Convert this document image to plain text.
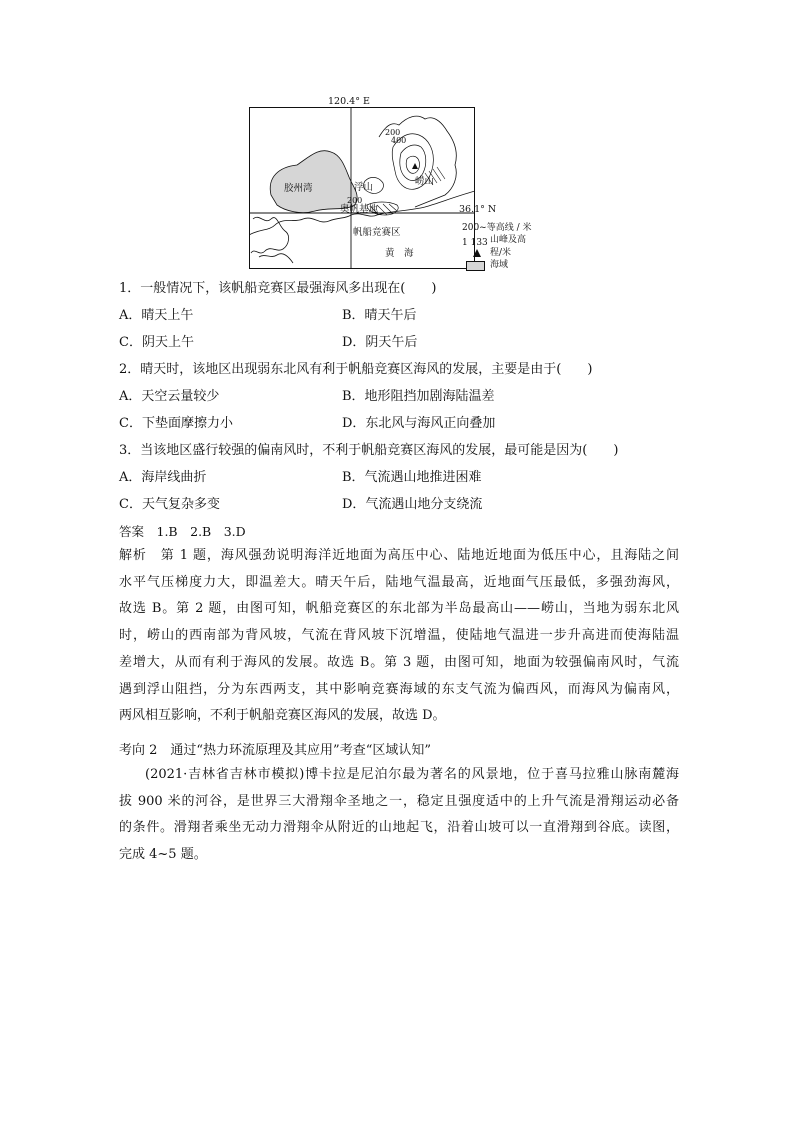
120.4° E
胶州湾	浮山
崂山
奥帆基地
帆船竞赛区
黄　海
200
400
200
36.1° N
200~等高线 / 米
1 133 山峰及高
程/米
海域
1．一般情况下，该帆船竞赛区最强海风多出现在(　　)
A．晴天上午	B．晴天午后
C．阴天上午	D．阴天午后
2．晴天时，该地区出现弱东北风有利于帆船竞赛区海风的发展，主要是由于(　　)
A．天空云量较少	B．地形阻挡加剧海陆温差
C．下垫面摩擦力小	D．东北风与海风正向叠加
3．当该地区盛行较强的偏南风时，不利于帆船竞赛区海风的发展，最可能是因为(　　)
A．海岸线曲折	B．气流遇山地推进困难
C．天气复杂多变	D．气流遇山地分支绕流
答案　1.B　2.B　3.D
解析　第 1 题，海风强劲说明海洋近地面为高压中心、陆地近地面为低压中心，且海陆之间
水平气压梯度力大，即温差大。晴天午后，陆地气温最高，近地面气压最低，多强劲海风，
故选 B。第 2 题，由图可知，帆船竞赛区的东北部为半岛最高山——崂山，当地为弱东北风
时，崂山的西南部为背风坡，气流在背风坡下沉增温，使陆地气温进一步升高进而使海陆温
差增大，从而有利于海风的发展。故选 B。第 3 题，由图可知，地面为较强偏南风时，气流
遇到浮山阻挡，分为东西两支，其中影响竞赛海域的东支气流为偏西风，而海风为偏南风，
两风相互影响，不利于帆船竞赛区海风的发展，故选 D。
考向 2　通过“热力环流原理及其应用”考查“区域认知”
(2021·吉林省吉林市模拟)博卡拉是尼泊尔最为著名的风景地，位于喜马拉雅山脉南麓海
拔 900 米的河谷，是世界三大滑翔伞圣地之一，稳定且强度适中的上升气流是滑翔运动必备
的条件。滑翔者乘坐无动力滑翔伞从附近的山地起飞，沿着山坡可以一直滑翔到谷底。读图，
完成 4~5 题。
